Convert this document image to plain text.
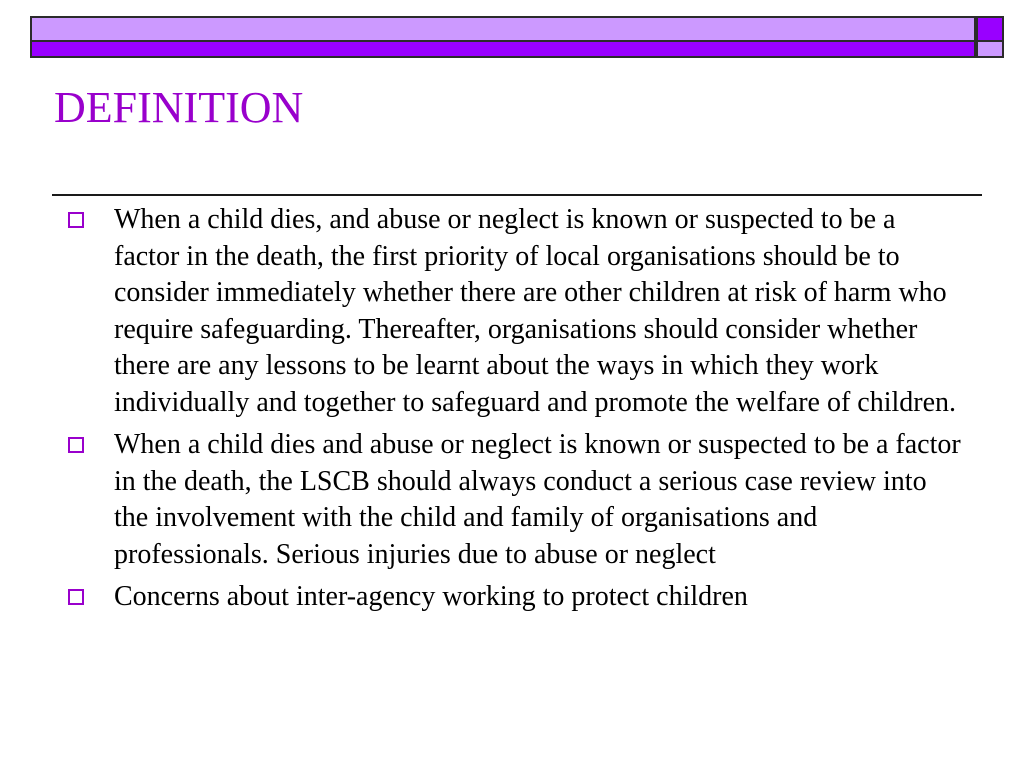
DEFINITION
When a child dies, and abuse or neglect is known or suspected to be a factor in the death, the first priority of local organisations should be to consider immediately whether there are other children at risk of harm who require safeguarding. Thereafter, organisations should consider whether there are any lessons to be learnt about the ways in which they work individually and together to safeguard and promote the welfare of children.
When a child dies and abuse or neglect is known or suspected to be a factor in the death, the LSCB should always conduct a serious case review into the involvement with the child and family of organisations and professionals. Serious injuries due to abuse or neglect
Concerns about inter-agency working to protect children
